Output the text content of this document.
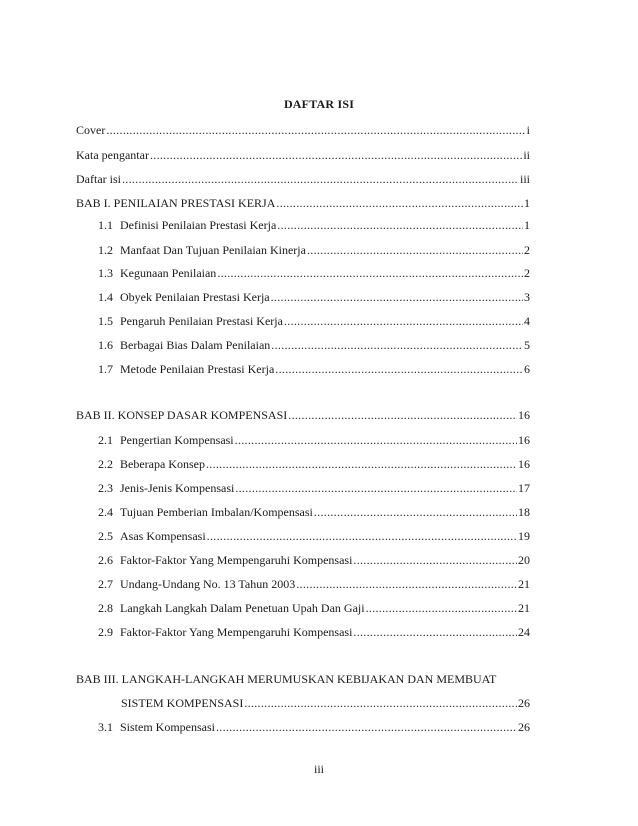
DAFTAR ISI
Cover .....	i
Kata pengantar .....	ii
Daftar isi .....	iii
BAB I. PENILAIAN PRESTASI KERJA .....	1
1.1 Definisi Penilaian Prestasi Kerja .....	1
1.2 Manfaat Dan Tujuan Penilaian Kinerja .....	2
1.3 Kegunaan Penilaian .....	2
1.4 Obyek Penilaian Prestasi Kerja .....	3
1.5 Pengaruh Penilaian Prestasi Kerja .....	4
1.6 Berbagai Bias Dalam Penilaian .....	5
1.7 Metode Penilaian Prestasi Kerja .....	6
BAB II. KONSEP DASAR KOMPENSASI .....	16
2.1 Pengertian Kompensasi .....	16
2.2 Beberapa Konsep .....	16
2.3 Jenis-Jenis Kompensasi .....	17
2.4 Tujuan Pemberian Imbalan/Kompensasi .....	18
2.5 Asas Kompensasi .....	19
2.6 Faktor-Faktor Yang Mempengaruhi Kompensasi .....	20
2.7 Undang-Undang No. 13 Tahun 2003 .....	21
2.8 Langkah Langkah Dalam Penetuan Upah Dan Gaji .....	21
2.9 Faktor-Faktor Yang Mempengaruhi Kompensasi .....	24
BAB III. LANGKAH-LANGKAH MERUMUSKAN KEBIJAKAN DAN MEMBUAT
SISTEM KOMPENSASI .....	26
3.1 Sistem Kompensasi .....	26
iii
